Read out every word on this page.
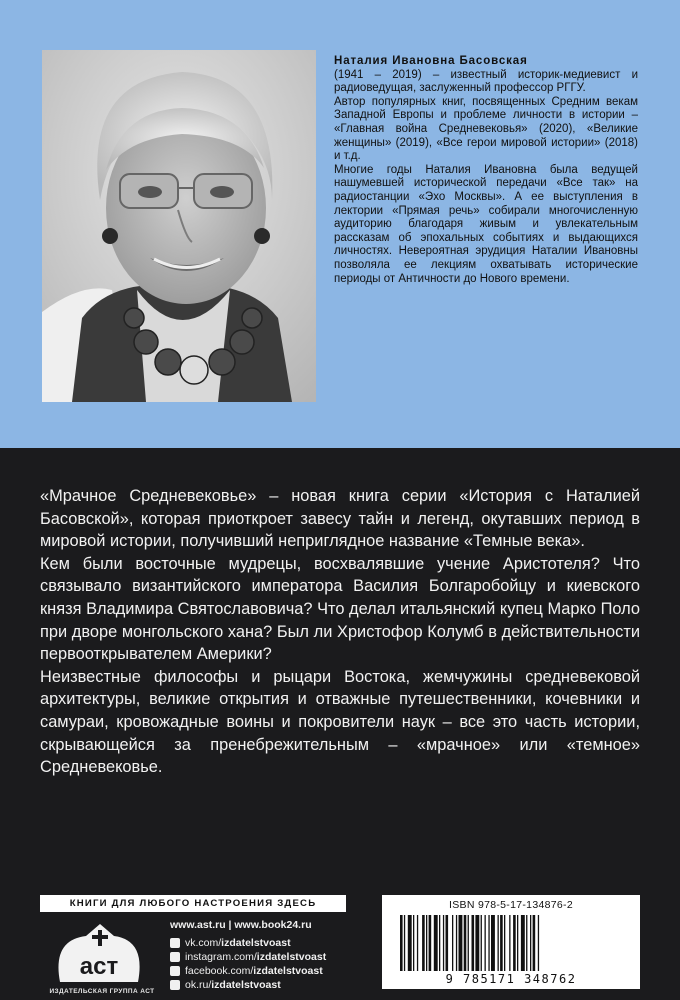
Наталия Ивановна Басовская

(1941 – 2019) – известный историк-медиевист и радиоведущая, заслуженный профессор РГГУ.

Автор популярных книг, посвященных Средним векам Западной Европы и проблеме личности в истории – «Главная война Средневековья» (2020), «Великие женщины» (2019), «Все герои мировой истории» (2018) и т.д.

Многие годы Наталия Ивановна была ведущей нашумевшей исторической передачи «Все так» на радиостанции «Эхо Москвы». А ее выступления в лектории «Прямая речь» собирали многочисленную аудиторию благодаря живым и увлекательным рассказам об эпохальных событиях и выдающихся личностях. Невероятная эрудиция Наталии Ивановны позволяла ее лекциям охватывать исторические периоды от Античности до Нового времени.

«Мрачное Средневековье» – новая книга серии «История с Наталией Басовской», которая приоткроет завесу тайн и легенд, окутавших период в мировой истории, получивший неприглядное название «Темные века».

Кем были восточные мудрецы, восхвалявшие учение Аристотеля? Что связывало византийского императора Василия Болгаробойцу и киевского князя Владимира Святославовича? Что делал итальянский купец Марко Поло при дворе монгольского хана? Был ли Христофор Колумб в действительности первооткрывателем Америки?

Неизвестные философы и рыцари Востока, жемчужины средневековой архитектуры, великие открытия и отважные путешественники, кочевники и самураи, кровожадные воины и покровители наук – все это часть истории, скрывающейся за пренебрежительным – «мрачное» или «темное» Средневековье.

КНИГИ ДЛЯ ЛЮБОГО НАСТРОЕНИЯ ЗДЕСЬ
аст
ИЗДАТЕЛЬСКАЯ ГРУППА АСТ
www.ast.ru | www.book24.ru
vk.com/ izdatelstvoast
instagram.com/ izdatelstvoast
facebook.com/ izdatelstvoast
ok.ru/ izdatelstvoast
ISBN 978-5-17-134876-2
9 785171 348762
